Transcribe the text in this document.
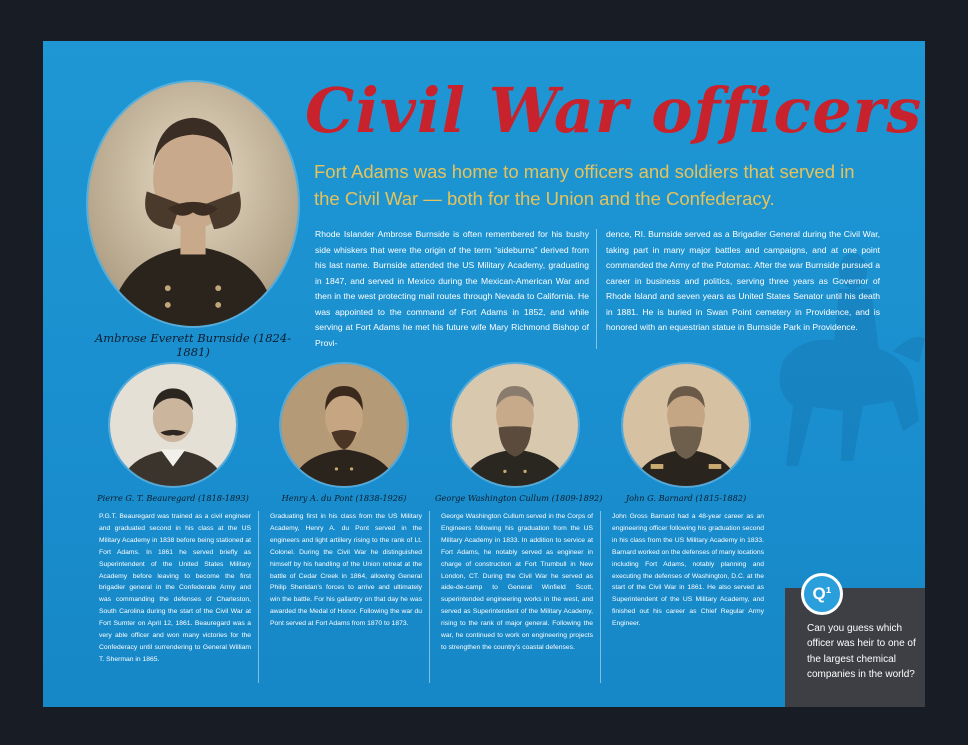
Civil War officers

Fort Adams was home to many officers and soldiers that served in the Civil War — both for the Union and the Confederacy.

Ambrose Everett Burnside (1824-1881)

Rhode Islander Ambrose Burnside is often remembered for his bushy side whiskers that were the origin of the term “sideburns” derived from his last name. Burnside attended the US Military Academy, graduating in 1847, and served in Mexico during the Mexican-American War and then in the west protecting mail routes through Nevada to California. He was appointed to the command of Fort Adams in 1852, and while serving at Fort Adams he met his future wife Mary Richmond Bishop of Provi-

dence, RI. Burnside served as a Brigadier General during the Civil War, taking part in many major battles and campaigns, and at one point commanded the Army of the Potomac. After the war Burnside pursued a career in business and politics, serving three years as Governor of Rhode Island and seven years as United States Senator until his death in 1881. He is buried in Swan Point cemetery in Providence, and is honored with an equestrian statue in Burnside Park in Providence.

Pierre G. T. Beauregard (1818-1893)	Henry A. du Pont (1838-1926)	George Washington Cullum (1809-1892)	John G. Barnard (1815-1882)

P.G.T. Beauregard was trained as a civil engineer and graduated second in his class at the US Military Academy in 1838 before being stationed at Fort Adams. In 1861 he served briefly as Superintendent of the United States Military Academy before leaving to become the first brigadier general in the Confederate Army and was commanding the defenses of Charleston, South Carolina during the start of the Civil War at Fort Sumter on April 12, 1861. Beauregard was a very able officer and won many victories for the Confederacy until surrendering to General William T. Sherman in 1865.

Graduating first in his class from the US Military Academy, Henry A. du Pont served in the engineers and light artillery rising to the rank of Lt. Colonel. During the Civil War he distinguished himself by his handling of the Union retreat at the battle of Cedar Creek in 1864, allowing General Philip Sheridan’s forces to arrive and ultimately win the battle. For his gallantry on that day he was awarded the Medal of Honor. Following the war du Pont served at Fort Adams from 1870 to 1873.

George Washington Cullum served in the Corps of Engineers following his graduation from the US Military Academy in 1833. In addition to service at Fort Adams, he notably served as engineer in charge of construction at Fort Trumbull in New London, CT. During the Civil War he served as aide-de-camp to General Winfield Scott, superintended engineering works in the west, and served as Superintendent of the Military Academy, rising to the rank of major general. Following the war, he continued to work on engineering projects to strengthen the country’s coastal defenses.

John Gross Barnard had a 48-year career as an engineering officer following his graduation second in his class from the US Military Academy in 1833. Barnard worked on the defenses of many locations including Fort Adams, notably planning and executing the defenses of Washington, D.C. at the start of the Civil War in 1861. He also served as Superintendent of the US Military Academy, and finished out his career as Chief Regular Army Engineer.

Q¹

Can you guess which officer was heir to one of the largest chemical companies in the world?
